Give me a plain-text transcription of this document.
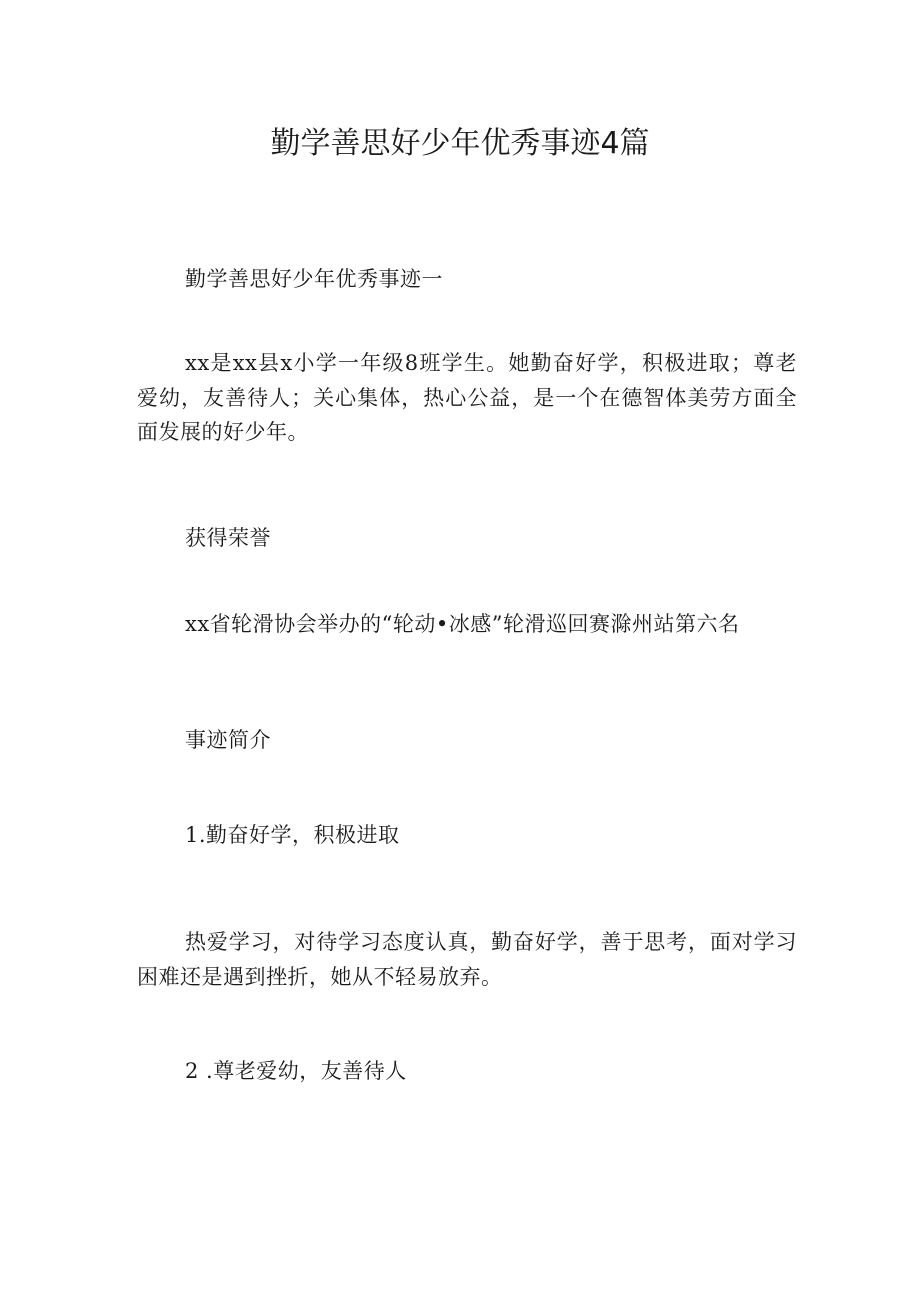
勤学善思好少年优秀事迹4篇
勤学善思好少年优秀事迹一
xx是xx县x小学一年级8班学生。她勤奋好学，积极进取；尊老爱幼，友善待人；关心集体，热心公益，是一个在德智体美劳方面全面发展的好少年。
获得荣誉
xx省轮滑协会举办的“轮动•冰感”轮滑巡回赛滁州站第六名
事迹简介
1.勤奋好学，积极进取
热爱学习，对待学习态度认真，勤奋好学，善于思考，面对学习困难还是遇到挫折，她从不轻易放弃。
2 .尊老爱幼，友善待人
